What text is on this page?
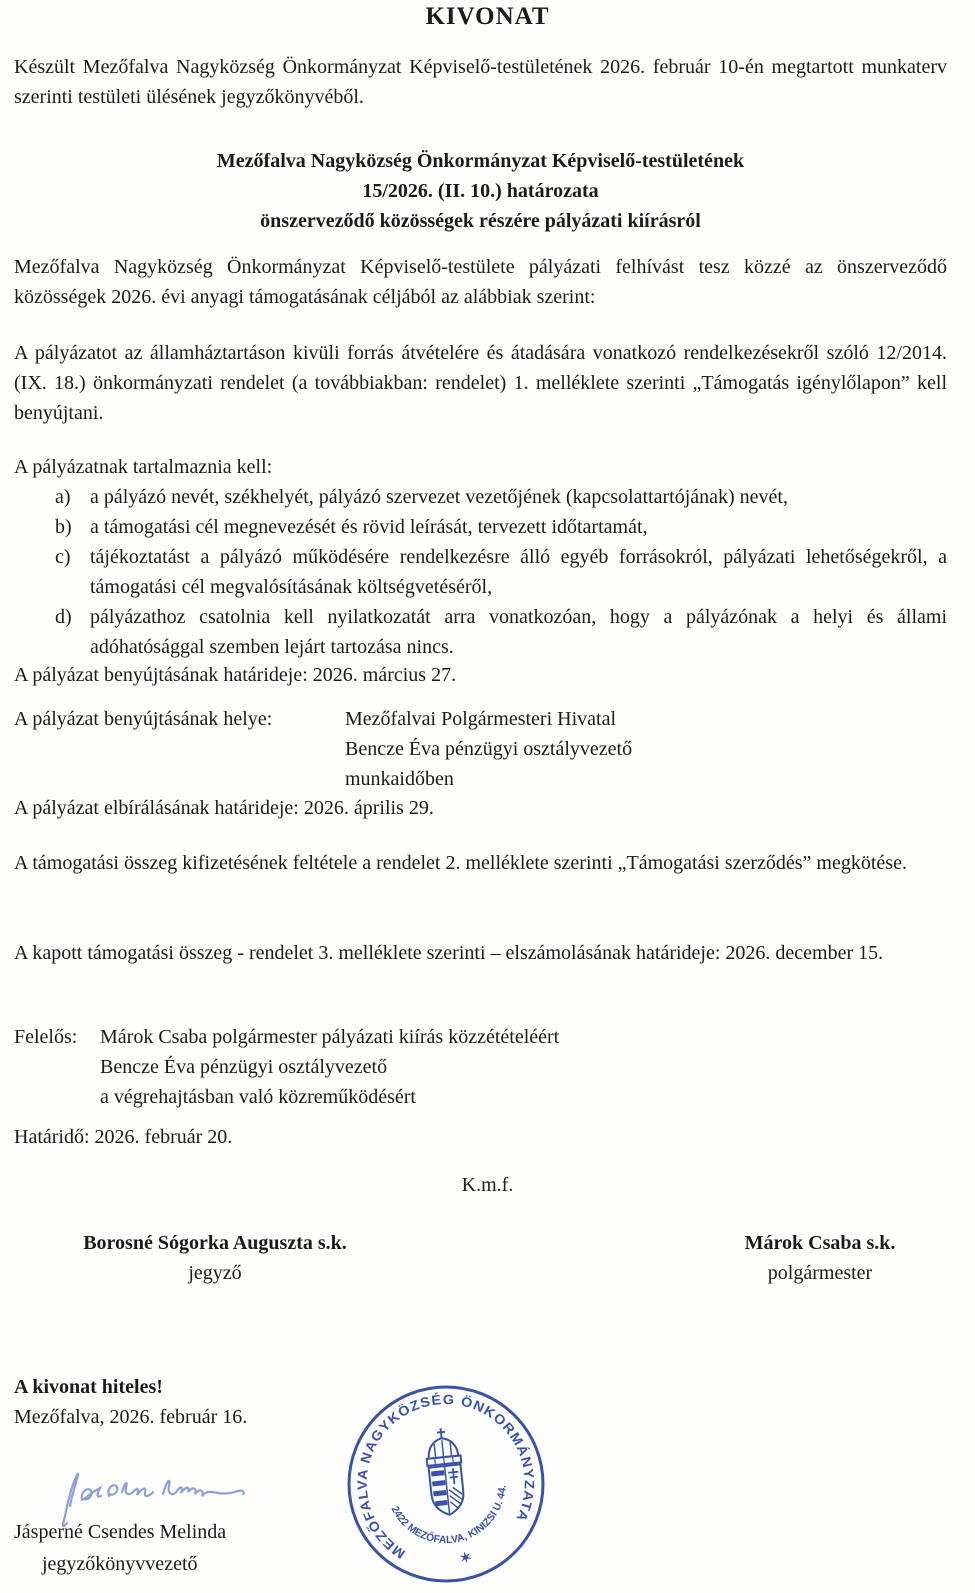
KIVONAT
Készült Mezőfalva Nagyközség Önkormányzat Képviselő-testületének 2026. február 10-én megtartott munkaterv szerinti testületi ülésének jegyzőkönyvéből.
Mezőfalva Nagyközség Önkormányzat Képviselő-testületének
15/2026. (II. 10.) határozata
önszerveződő közösségek részére pályázati kiírásról
Mezőfalva Nagyközség Önkormányzat Képviselő-testülete pályázati felhívást tesz közzé az önszerveződő közösségek 2026. évi anyagi támogatásának céljából az alábbiak szerint:
A pályázatot az államháztartáson kivüli forrás átvételére és átadására vonatkozó rendelkezésekről szóló 12/2014. (IX. 18.) önkormányzati rendelet (a továbbiakban: rendelet) 1. melléklete szerinti „Támogatás igénylőlapon” kell benyújtani.
A pályázatnak tartalmaznia kell:
a) a pályázó nevét, székhelyét, pályázó szervezet vezetőjének (kapcsolattartójának) nevét,
b) a támogatási cél megnevezését és rövid leírását, tervezett időtartamát,
c) tájékoztatást a pályázó működésére rendelkezésre álló egyéb forrásokról, pályázati lehetőségekről, a támogatási cél megvalósításának költségvetéséről,
d) pályázathoz csatolnia kell nyilatkozatát arra vonatkozóan, hogy a pályázónak a helyi és állami adóhatósággal szemben lejárt tartozása nincs.
A pályázat benyújtásának határideje: 2026. március 27.
A pályázat benyújtásának helye:	Mezőfalvai Polgármesteri Hivatal
Bencze Éva pénzügyi osztályvezető
munkaidőben
A pályázat elbírálásának határideje: 2026. április 29.
A támogatási összeg kifizetésének feltétele a rendelet 2. melléklete szerinti „Támogatási szerződés” megkötése.
A kapott támogatási összeg - rendelet 3. melléklete szerinti – elszámolásának határideje: 2026. december 15.
Felelős: Márok Csaba polgármester pályázati kiírás közzétételéért
Bencze Éva pénzügyi osztályvezető
a végrehajtásban való közreműködésért
Határidő: 2026. február 20.
K.m.f.
Borosné Sógorka Auguszta s.k.
jegyző
Márok Csaba s.k.
polgármester
A kivonat hiteles!
Mezőfalva, 2026. február 16.
Jásperné Csendes Melinda
jegyzőkönyvvezető
MEZŐFALVA NAGYKÖZSÉG ÖNKORMÁNYZATA
2422 MEZŐFALVA, KINIZSI U. 44.
✶
